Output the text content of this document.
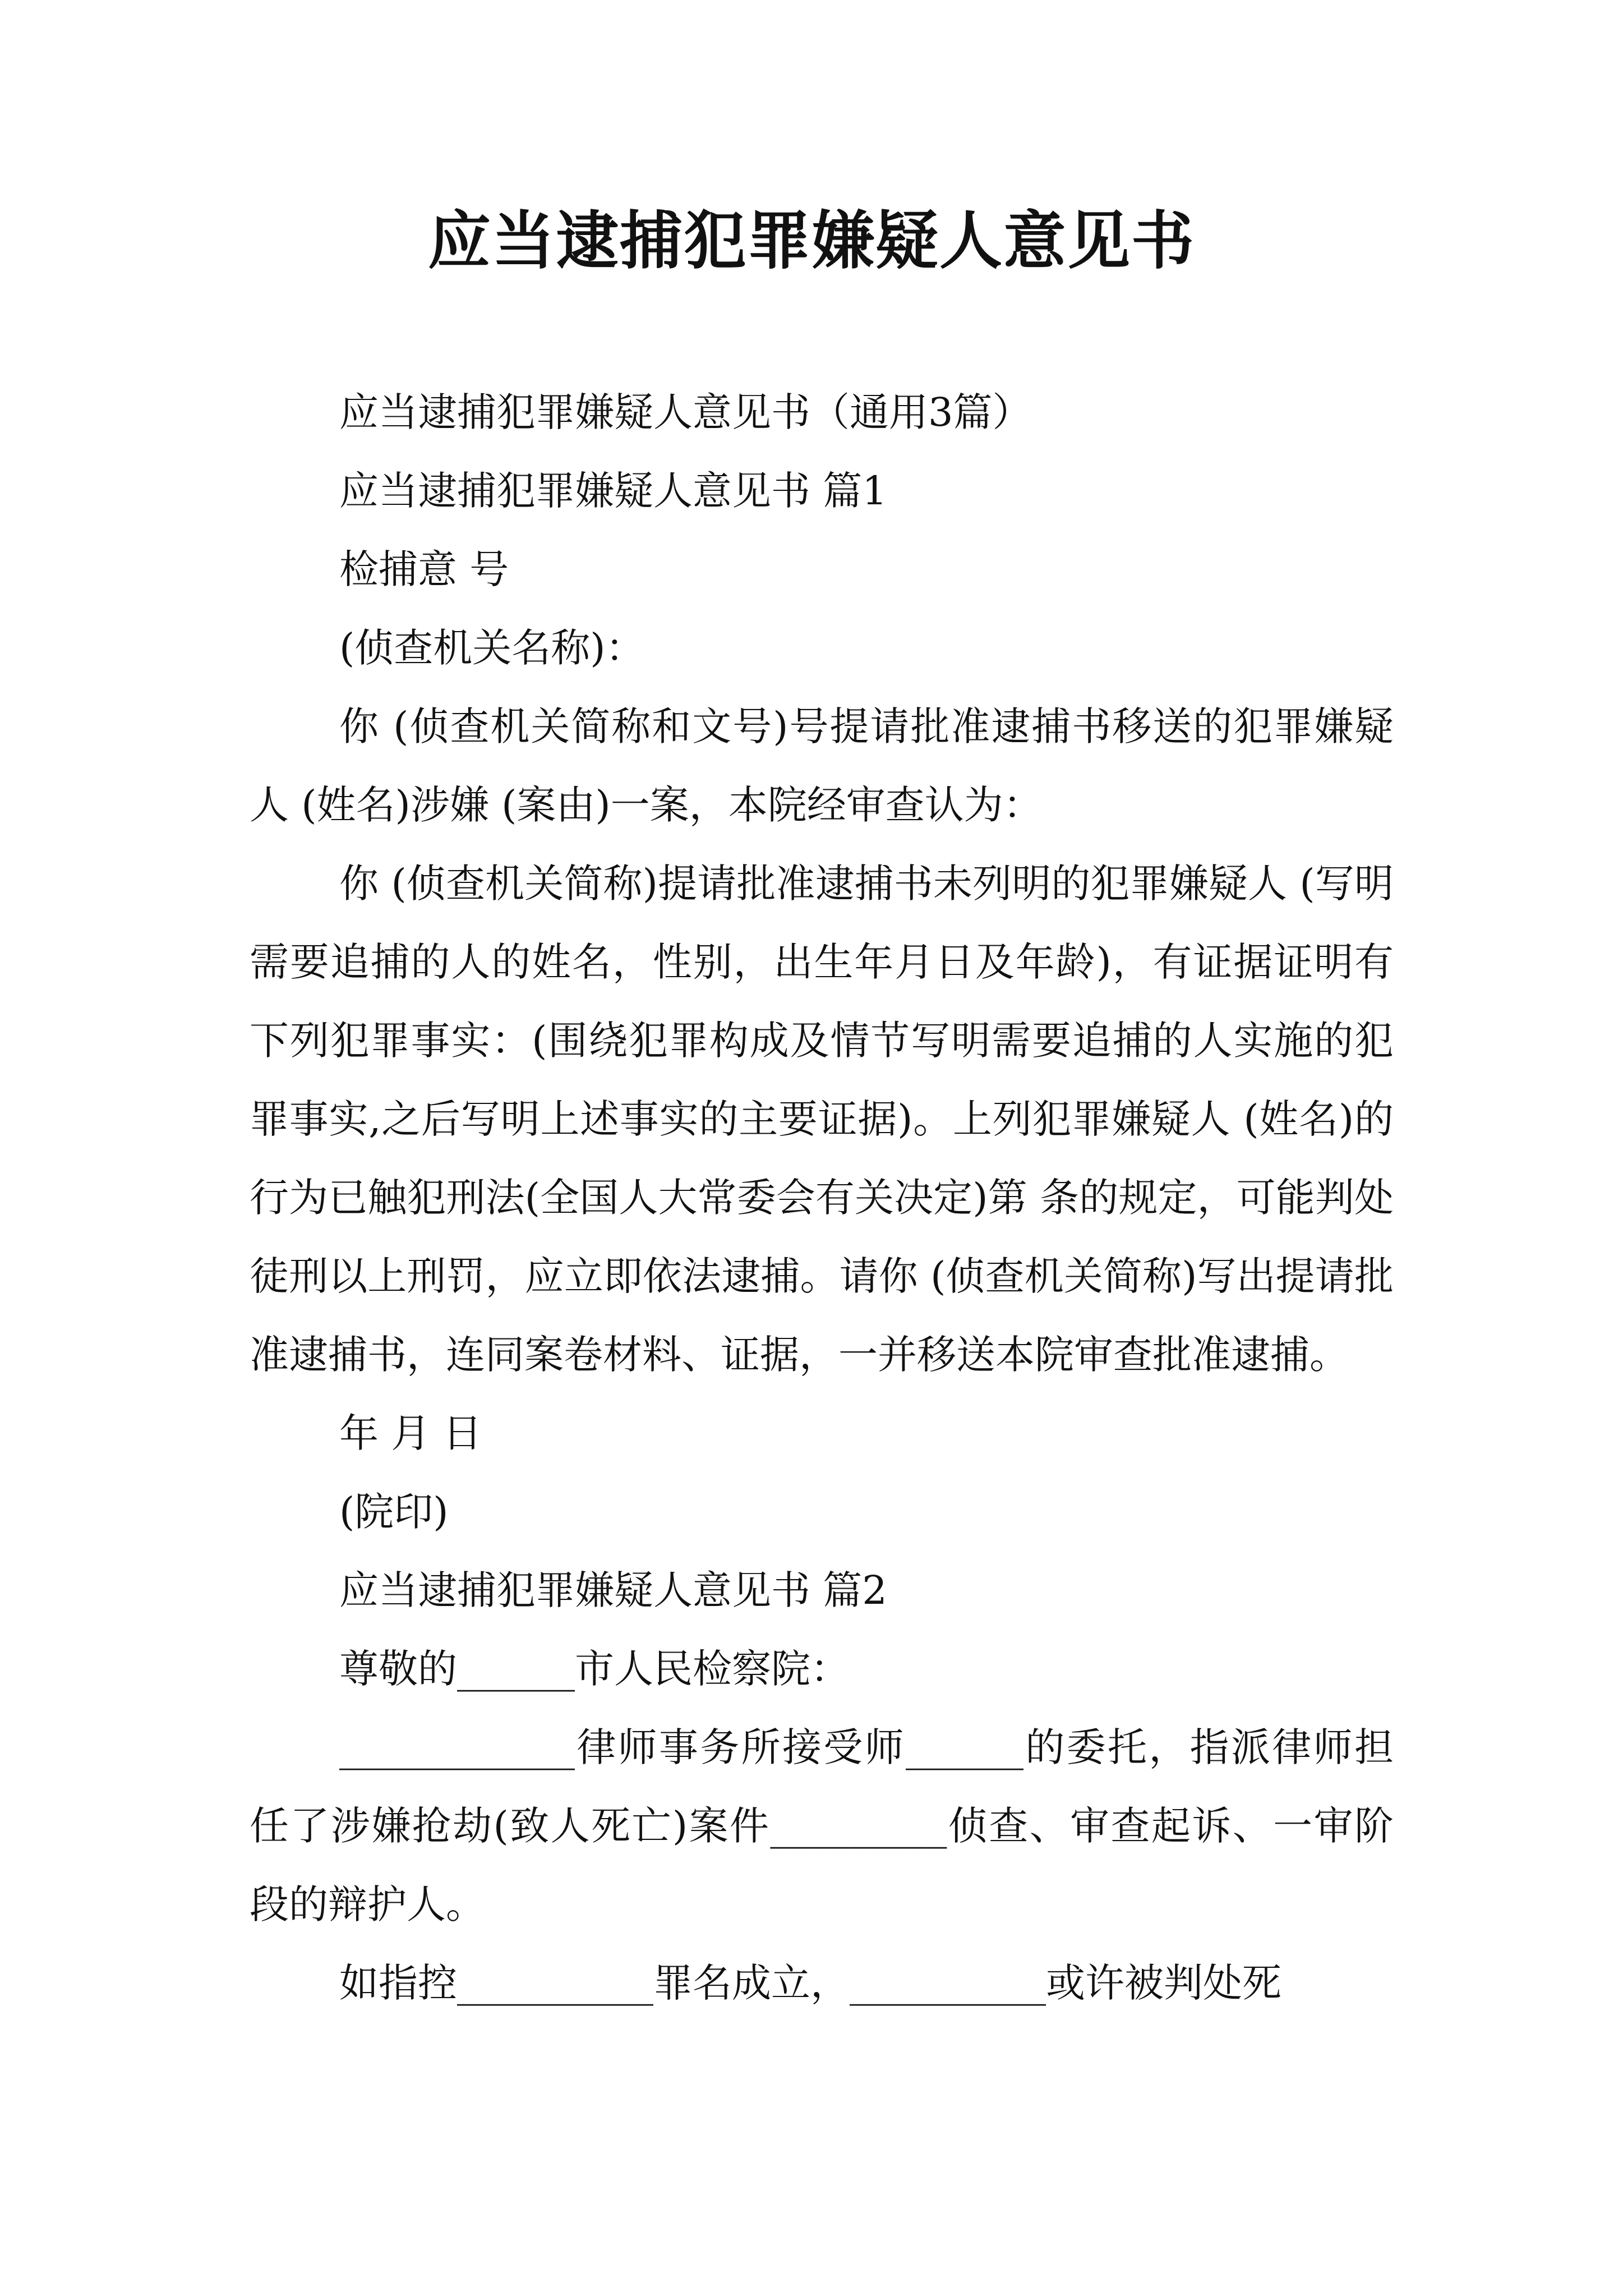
应当逮捕犯罪嫌疑人意见书

应当逮捕犯罪嫌疑人意见书（通用3篇）

应当逮捕犯罪嫌疑人意见书 篇1

检捕意 号

(侦查机关名称)：

你 (侦查机关简称和文号)号提请批准逮捕书移送的犯罪嫌疑人 (姓名)涉嫌 (案由)一案，本院经审查认为：

你 (侦查机关简称)提请批准逮捕书未列明的犯罪嫌疑人 (写明需要追捕的人的姓名，性别，出生年月日及年龄)，有证据证明有下列犯罪事实：(围绕犯罪构成及情节写明需要追捕的人实施的犯罪事实,之后写明上述事实的主要证据)。上列犯罪嫌疑人 (姓名)的行为已触犯刑法(全国人大常委会有关决定)第 条的规定，可能判处徒刑以上刑罚，应立即依法逮捕。请你 (侦查机关简称)写出提请批准逮捕书，连同案卷材料、证据，一并移送本院审查批准逮捕。

年 月 日

(院印)

应当逮捕犯罪嫌疑人意见书 篇2

尊敬的______市人民检察院：

____________律师事务所接受师______的委托，指派律师担任了涉嫌抢劫(致人死亡)案件_________侦查、审查起诉、一审阶段的辩护人。

如指控__________罪名成立，__________或许被判处死
